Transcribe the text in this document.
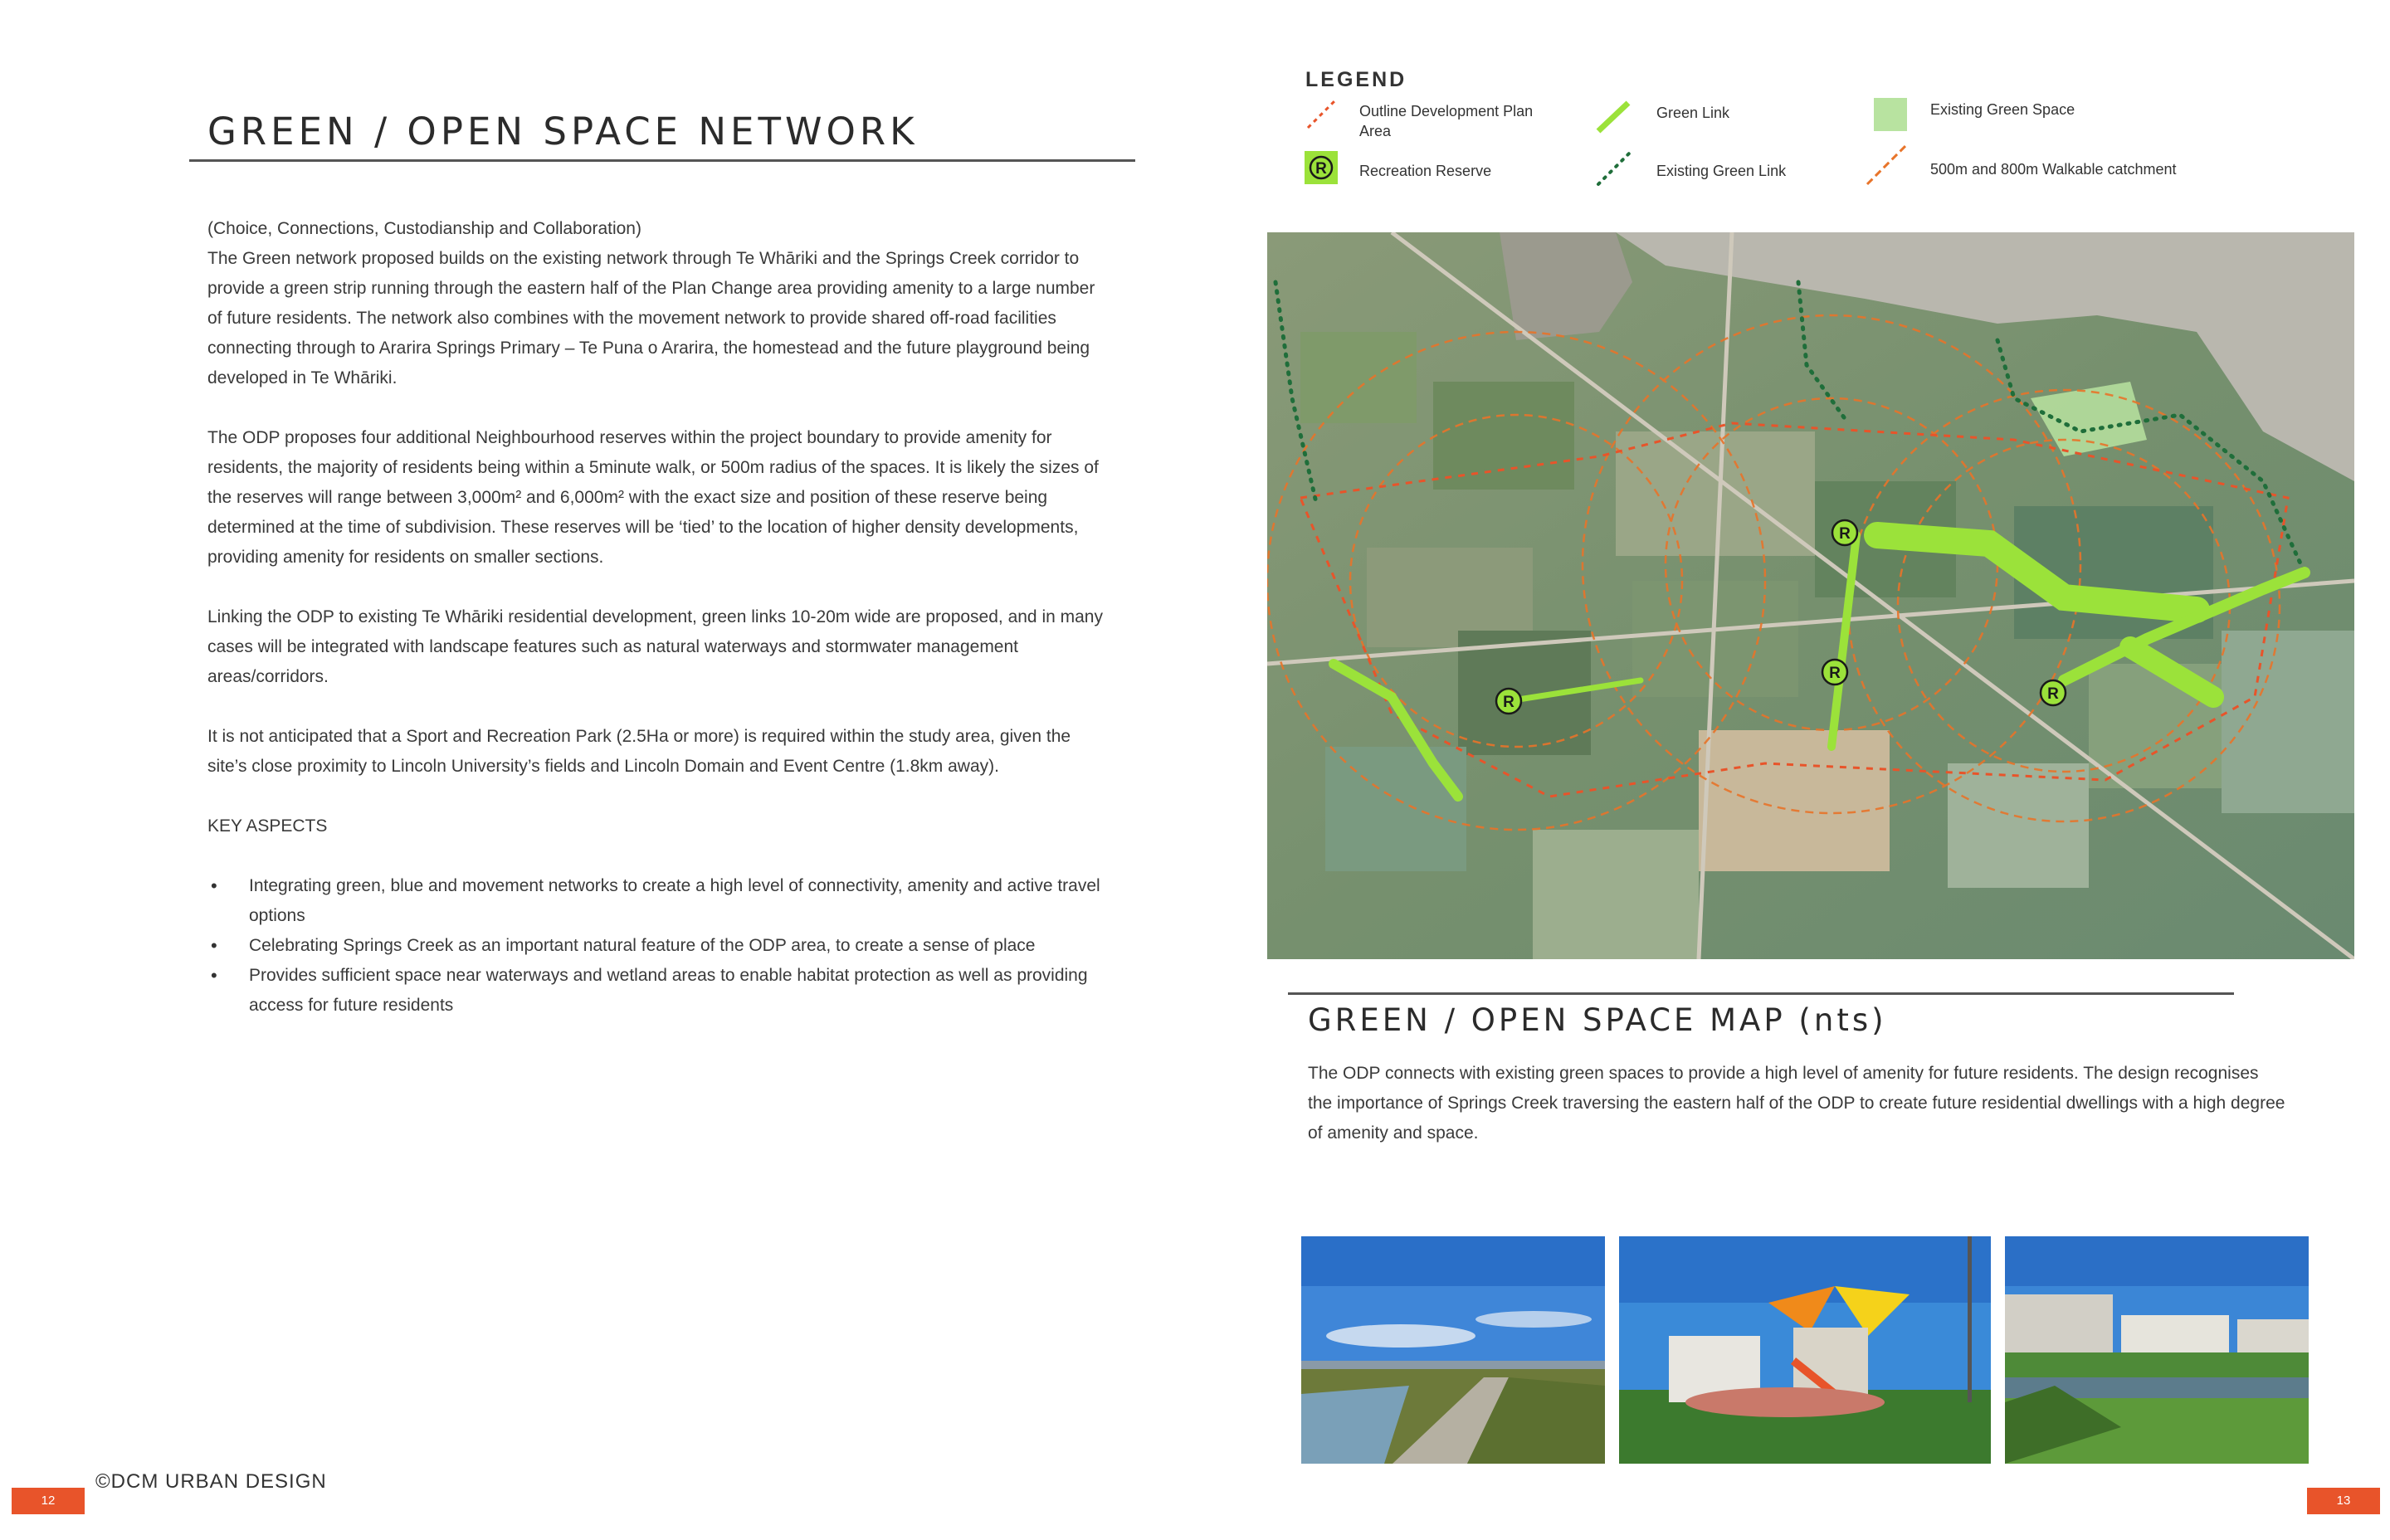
GREEN / OPEN SPACE NETWORK

(Choice, Connections, Custodianship and Collaboration)

The Green network proposed builds on the existing network through Te Whāriki and the Springs Creek corridor to provide a green strip running through the eastern half of the Plan Change area providing amenity to a large number of future residents. The network also combines with the movement network to provide shared off-road facilities connecting through to Ararira Springs Primary – Te Puna o Ararira, the homestead and the future playground being developed in Te Whāriki.

The ODP proposes four additional Neighbourhood reserves within the project boundary to provide amenity for residents, the majority of residents being within a 5minute walk, or 500m radius of the spaces. It is likely the sizes of the reserves will range between 3,000m² and 6,000m² with the exact size and position of these reserve being determined at the time of subdivision. These reserves will be ‘tied’ to the location of higher density developments, providing amenity for residents on smaller sections.

Linking the ODP to existing Te Whāriki residential development, green links 10-20m wide are proposed, and in many cases will be integrated with landscape features such as natural waterways and stormwater management areas/corridors.

It is not anticipated that a Sport and Recreation Park (2.5Ha or more) is required within the study area, given the site’s close proximity to Lincoln University’s fields and Lincoln Domain and Event Centre (1.8km away).

KEY ASPECTS

• Integrating green, blue and movement networks to create a high level of connectivity, amenity and active travel options
• Celebrating Springs Creek as an important natural feature of the ODP area, to create a sense of place
• Provides sufficient space near waterways and wetland areas to enable habitat protection as well as providing access for future residents
12
©DCM URBAN DESIGN
LEGEND
Outline Development Plan Area
R Recreation Reserve
Green Link
Existing Green Link
Existing Green Space
500m and 800m Walkable catchment
R
R
R
R
GREEN / OPEN SPACE MAP (nts)
The ODP connects with existing green spaces to provide a high level of amenity for future residents. The design recognises the importance of Springs Creek traversing the eastern half of the ODP to create future residential dwellings with a high degree of amenity and space.
13
